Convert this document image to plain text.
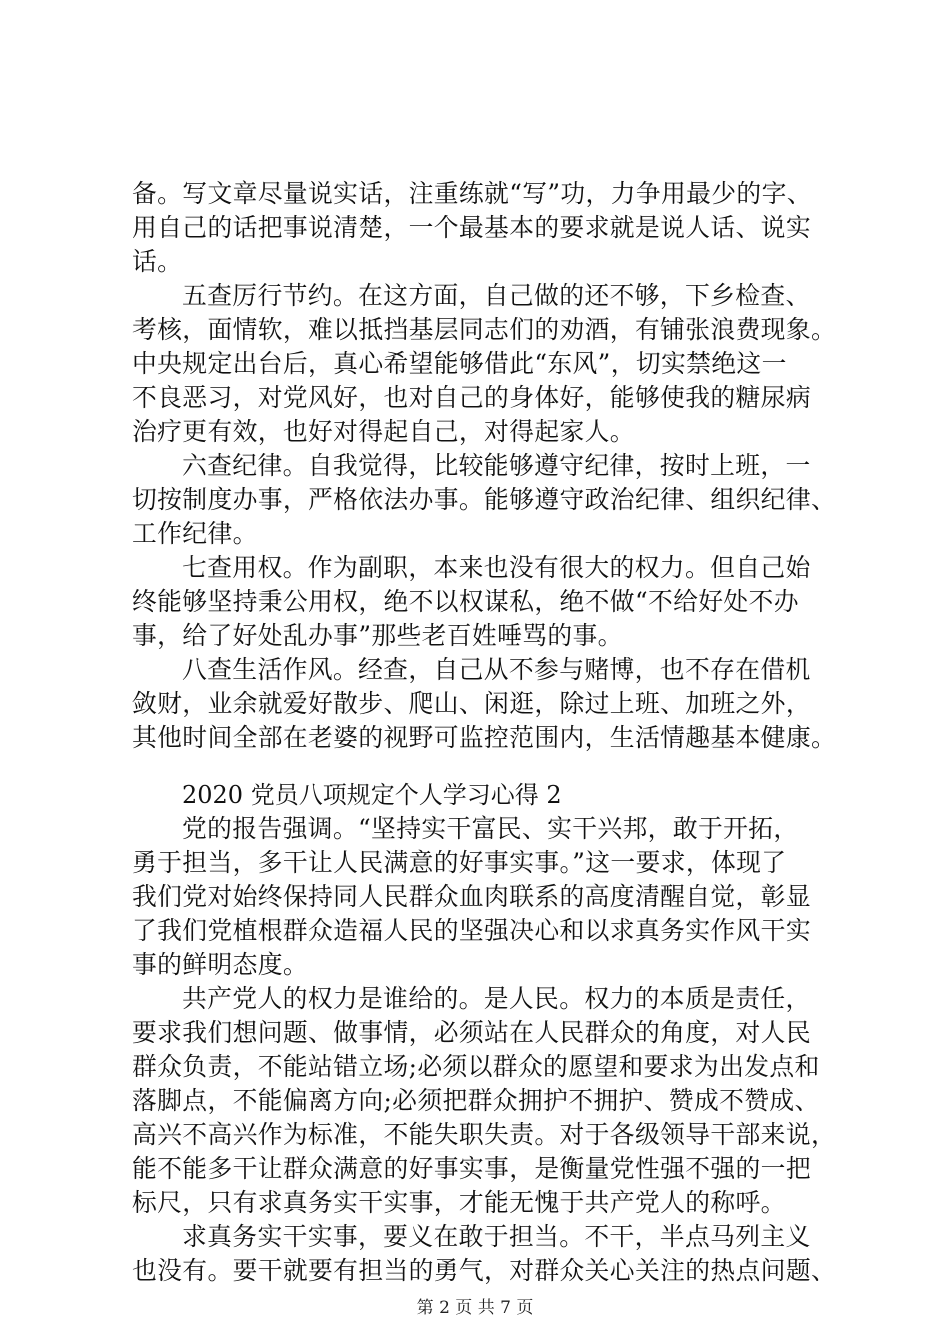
备。写文章尽量说实话，注重练就“写”功，力争用最少的字、
用自己的话把事说清楚，一个最基本的要求就是说人话、说实
话。
五查厉行节约。在这方面，自己做的还不够，下乡检查、
考核，面情软，难以抵挡基层同志们的劝酒，有铺张浪费现象。
中央规定出台后，真心希望能够借此“东风”，切实禁绝这一
不良恶习，对党风好，也对自己的身体好，能够使我的糖尿病
治疗更有效，也好对得起自己，对得起家人。
六查纪律。自我觉得，比较能够遵守纪律，按时上班，一
切按制度办事，严格依法办事。能够遵守政治纪律、组织纪律、
工作纪律。
七查用权。作为副职，本来也没有很大的权力。但自己始
终能够坚持秉公用权，绝不以权谋私，绝不做“不给好处不办
事，给了好处乱办事”那些老百姓唾骂的事。
八查生活作风。经查，自己从不参与赌博，也不存在借机
敛财，业余就爱好散步、爬山、闲逛，除过上班、加班之外，
其他时间全部在老婆的视野可监控范围内，生活情趣基本健康。
2020 党员八项规定个人学习心得 2
党的报告强调。“坚持实干富民、实干兴邦，敢于开拓，
勇于担当，多干让人民满意的好事实事。”这一要求，体现了
我们党对始终保持同人民群众血肉联系的高度清醒自觉，彰显
了我们党植根群众造福人民的坚强决心和以求真务实作风干实
事的鲜明态度。
共产党人的权力是谁给的。是人民。权力的本质是责任，
要求我们想问题、做事情，必须站在人民群众的角度，对人民
群众负责，不能站错立场;必须以群众的愿望和要求为出发点和
落脚点，不能偏离方向;必须把群众拥护不拥护、赞成不赞成、
高兴不高兴作为标准，不能失职失责。对于各级领导干部来说，
能不能多干让群众满意的好事实事，是衡量党性强不强的一把
标尺，只有求真务实干实事，才能无愧于共产党人的称呼。
求真务实干实事，要义在敢于担当。不干，半点马列主义
也没有。要干就要有担当的勇气，对群众关心关注的热点问题、
第 2 页 共 7 页
